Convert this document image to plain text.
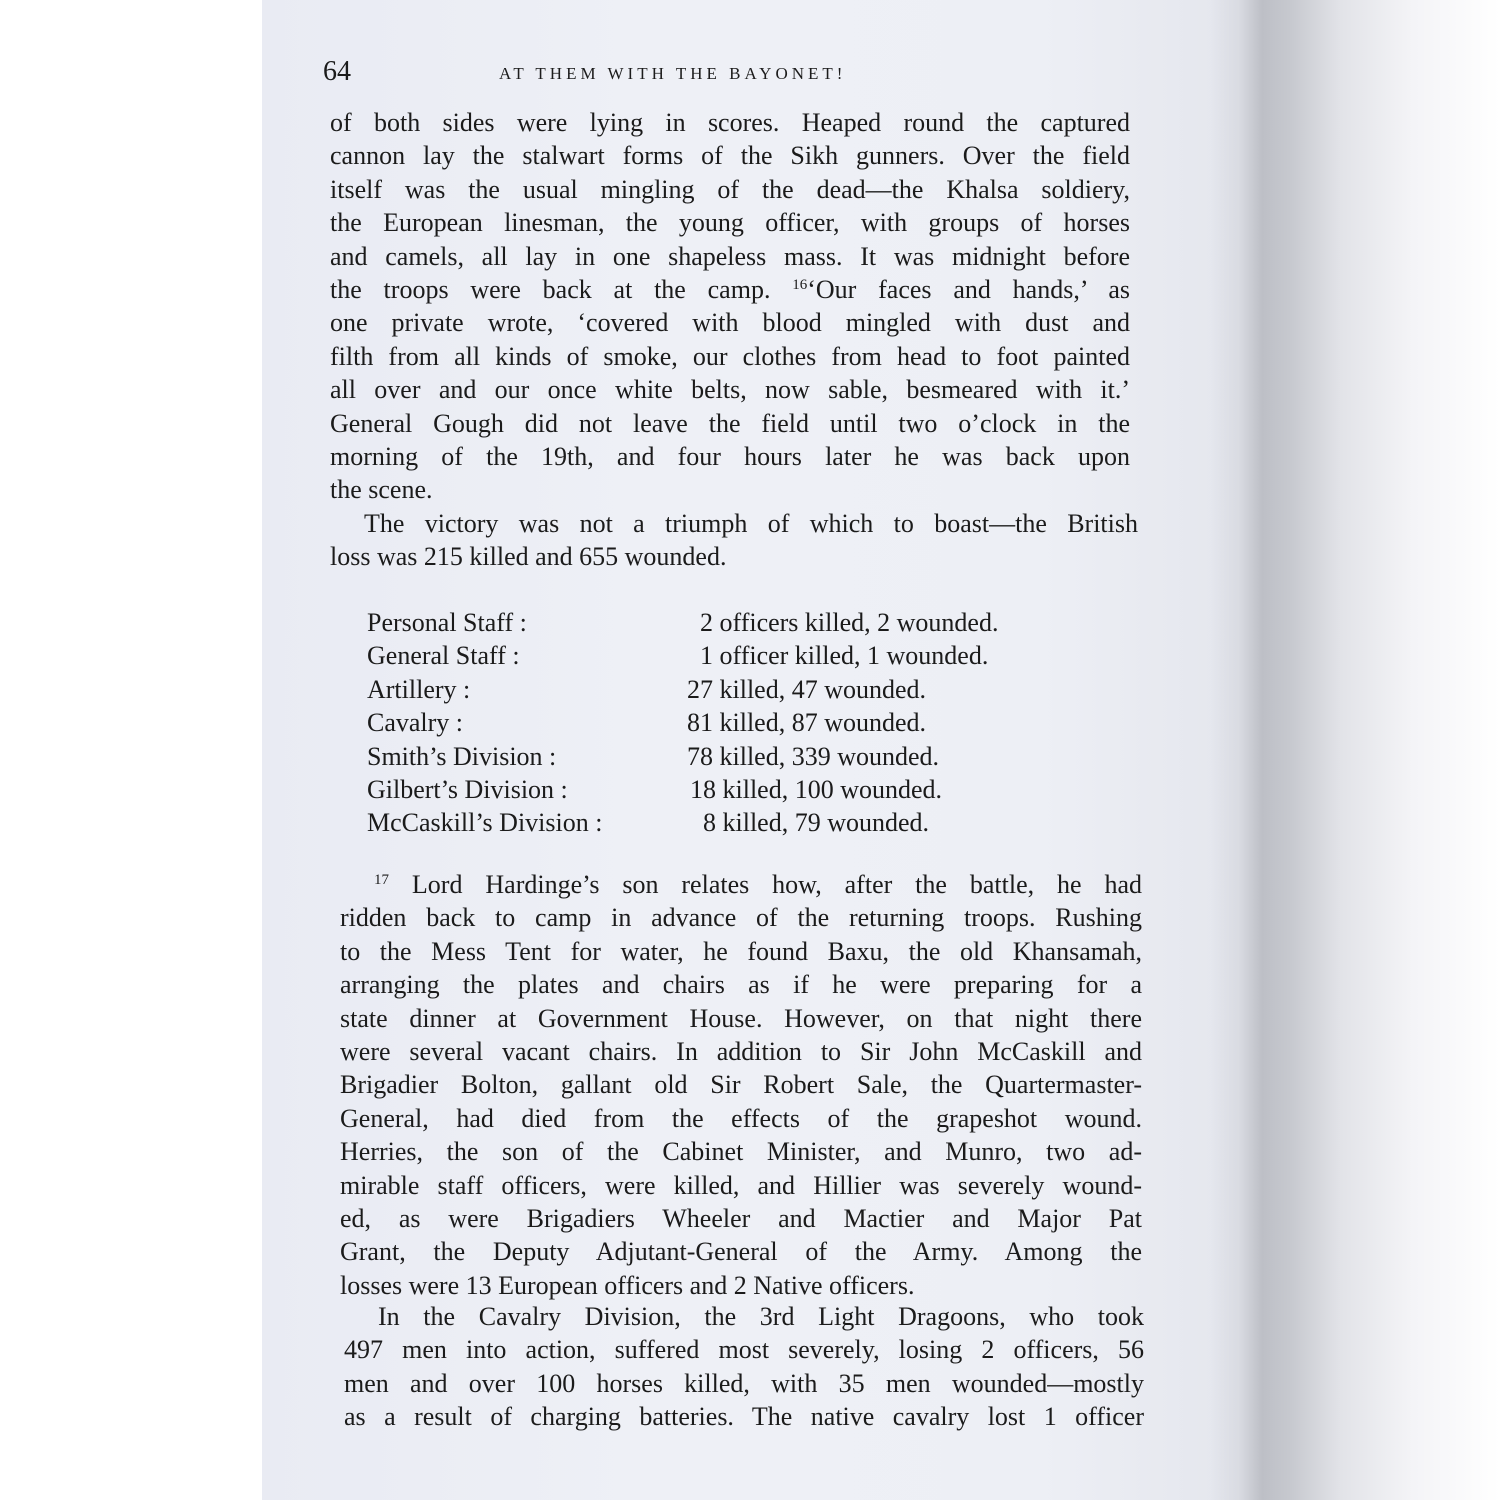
64	AT THEM WITH THE BAYONET!
of both sides were lying in scores. Heaped round the captured
cannon lay the stalwart forms of the Sikh gunners. Over the field
itself was the usual mingling of the dead—the Khalsa soldiery,
the European linesman, the young officer, with groups of horses
and camels, all lay in one shapeless mass. It was midnight before
the troops were back at the camp. $^{16}$‘Our faces and hands,’ as
one private wrote, ‘covered with blood mingled with dust and
filth from all kinds of smoke, our clothes from head to foot painted
all over and our once white belts, now sable, besmeared with it.’
General Gough did not leave the field until two o’clock in the
morning of the 19th, and four hours later he was back upon
the scene.
The victory was not a triumph of which to boast—the British
loss was 215 killed and 655 wounded.
Personal Staff :	2 officers killed, 2 wounded.
General Staff :	1 officer killed, 1 wounded.
Artillery :	27 killed, 47 wounded.
Cavalry :	81 killed, 87 wounded.
Smith’s Division :	78 killed, 339 wounded.
Gilbert’s Division :	18 killed, 100 wounded.
McCaskill’s Division :	8 killed, 79 wounded.
$^{17}$ Lord Hardinge’s son relates how, after the battle, he had
ridden back to camp in advance of the returning troops. Rushing
to the Mess Tent for water, he found Baxu, the old Khansamah,
arranging the plates and chairs as if he were preparing for a
state dinner at Government House. However, on that night there
were several vacant chairs. In addition to Sir John McCaskill and
Brigadier Bolton, gallant old Sir Robert Sale, the Quartermaster-
General, had died from the effects of the grapeshot wound.
Herries, the son of the Cabinet Minister, and Munro, two ad-
mirable staff officers, were killed, and Hillier was severely wound-
ed, as were Brigadiers Wheeler and Mactier and Major Pat
Grant, the Deputy Adjutant-General of the Army. Among the
losses were 13 European officers and 2 Native officers.
In the Cavalry Division, the 3rd Light Dragoons, who took
497 men into action, suffered most severely, losing 2 officers, 56
men and over 100 horses killed, with 35 men wounded—mostly
as a result of charging batteries. The native cavalry lost 1 officer
